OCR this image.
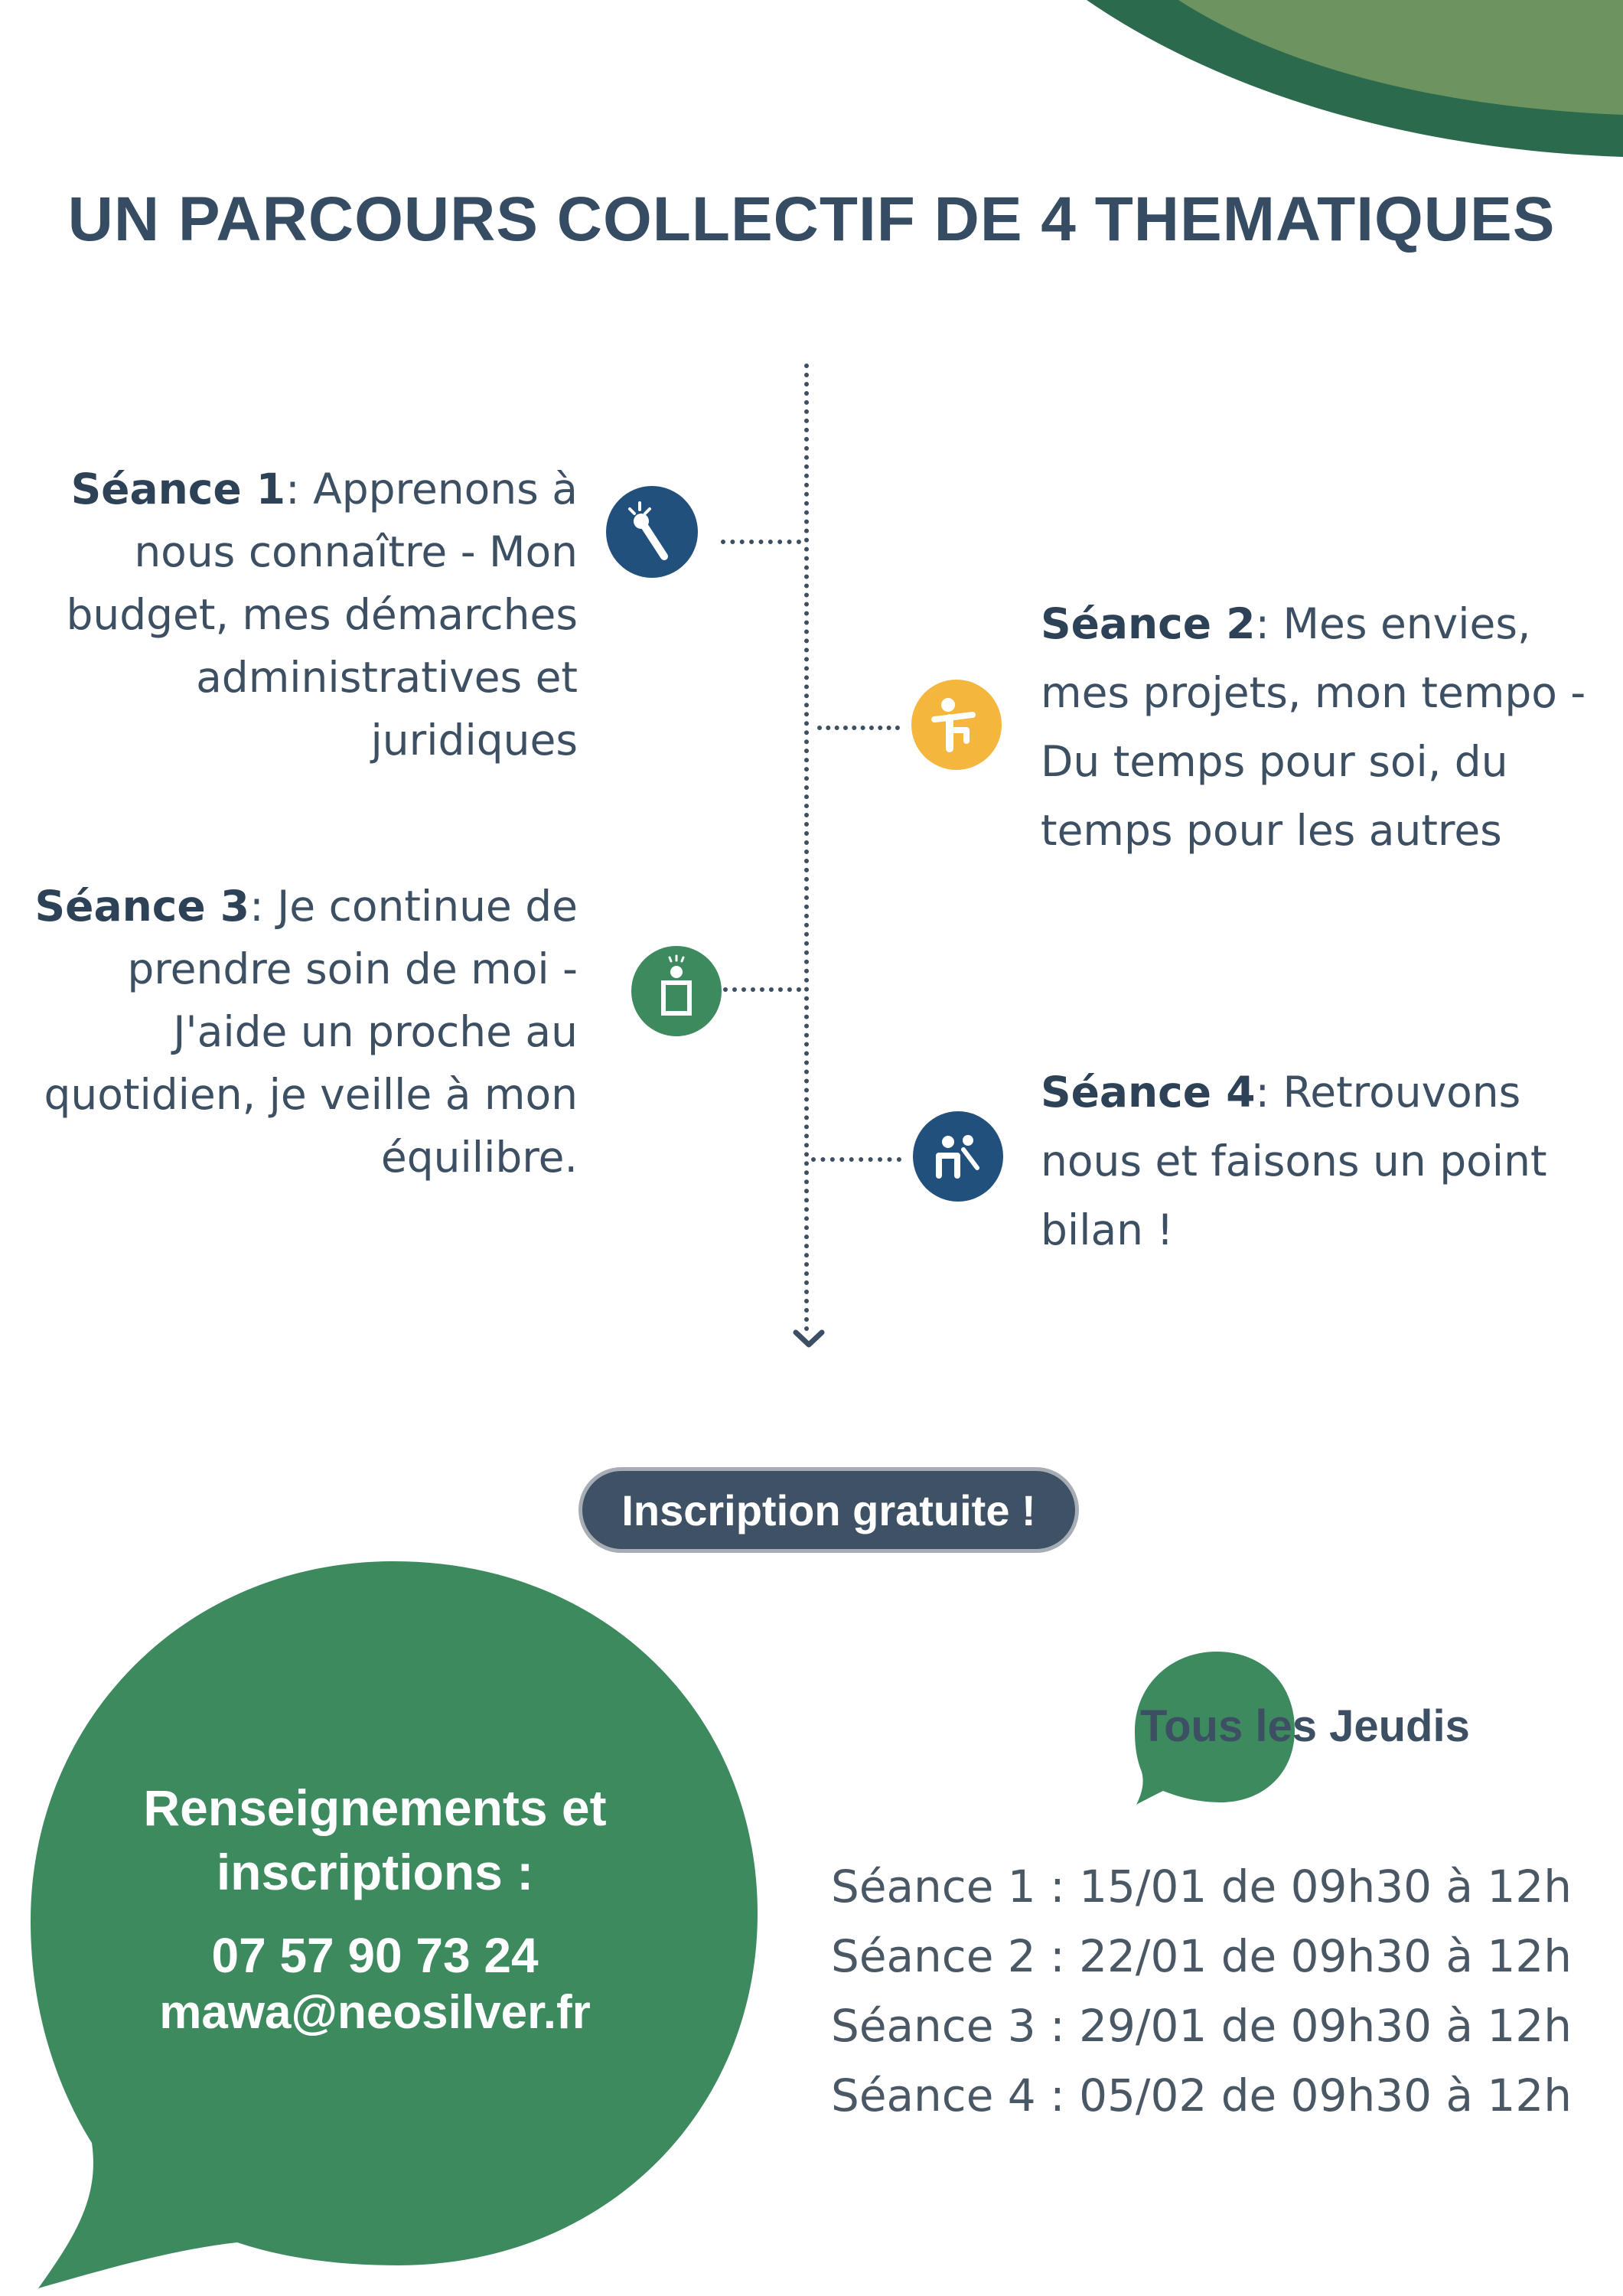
UN PARCOURS COLLECTIF DE 4 THEMATIQUES
Séance 1: Apprenons à nous connaître - Mon budget, mes démarches administratives et juridiques
Séance 2: Mes envies, mes projets, mon tempo - Du temps pour soi, du temps pour les autres
Séance 3: Je continue de prendre soin de moi - J'aide un proche au quotidien, je veille à mon équilibre.
Séance 4: Retrouvons nous et faisons un point bilan !
Inscription gratuite !
Renseignements et inscriptions :
07 57 90 73 24
mawa@neosilver.fr
Tous les Jeudis
Séance 1 : 15/01 de 09h30 à 12h
Séance 2 : 22/01 de 09h30 à 12h
Séance 3 : 29/01 de 09h30 à 12h
Séance 4 : 05/02 de 09h30 à 12h
